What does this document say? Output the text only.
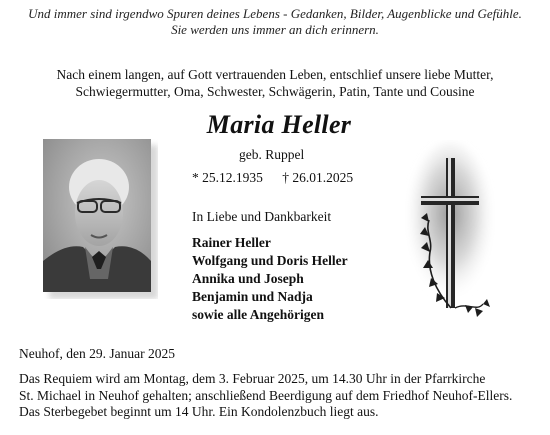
Und immer sind irgendwo Spuren deines Lebens - Gedanken, Bilder, Augenblicke und Gefühle.
Sie werden uns immer an dich erinnern.
Nach einem langen, auf Gott vertrauenden Leben, entschlief unsere liebe Mutter,
Schwiegermutter, Oma, Schwester, Schwägerin, Patin, Tante und Cousine
Maria Heller
geb. Ruppel
* 25.12.1935 † 26.01.2025
In Liebe und Dankbarkeit
Rainer Heller
Wolfgang und Doris Heller
Annika und Joseph
Benjamin und Nadja
sowie alle Angehörigen
Neuhof, den 29. Januar 2025
Das Requiem wird am Montag, dem 3. Februar 2025, um 14.30 Uhr in der Pfarrkirche
St. Michael in Neuhof gehalten; anschließend Beerdigung auf dem Friedhof Neuhof-Ellers.
Das Sterbegebet beginnt um 14 Uhr. Ein Kondolenzbuch liegt aus.
